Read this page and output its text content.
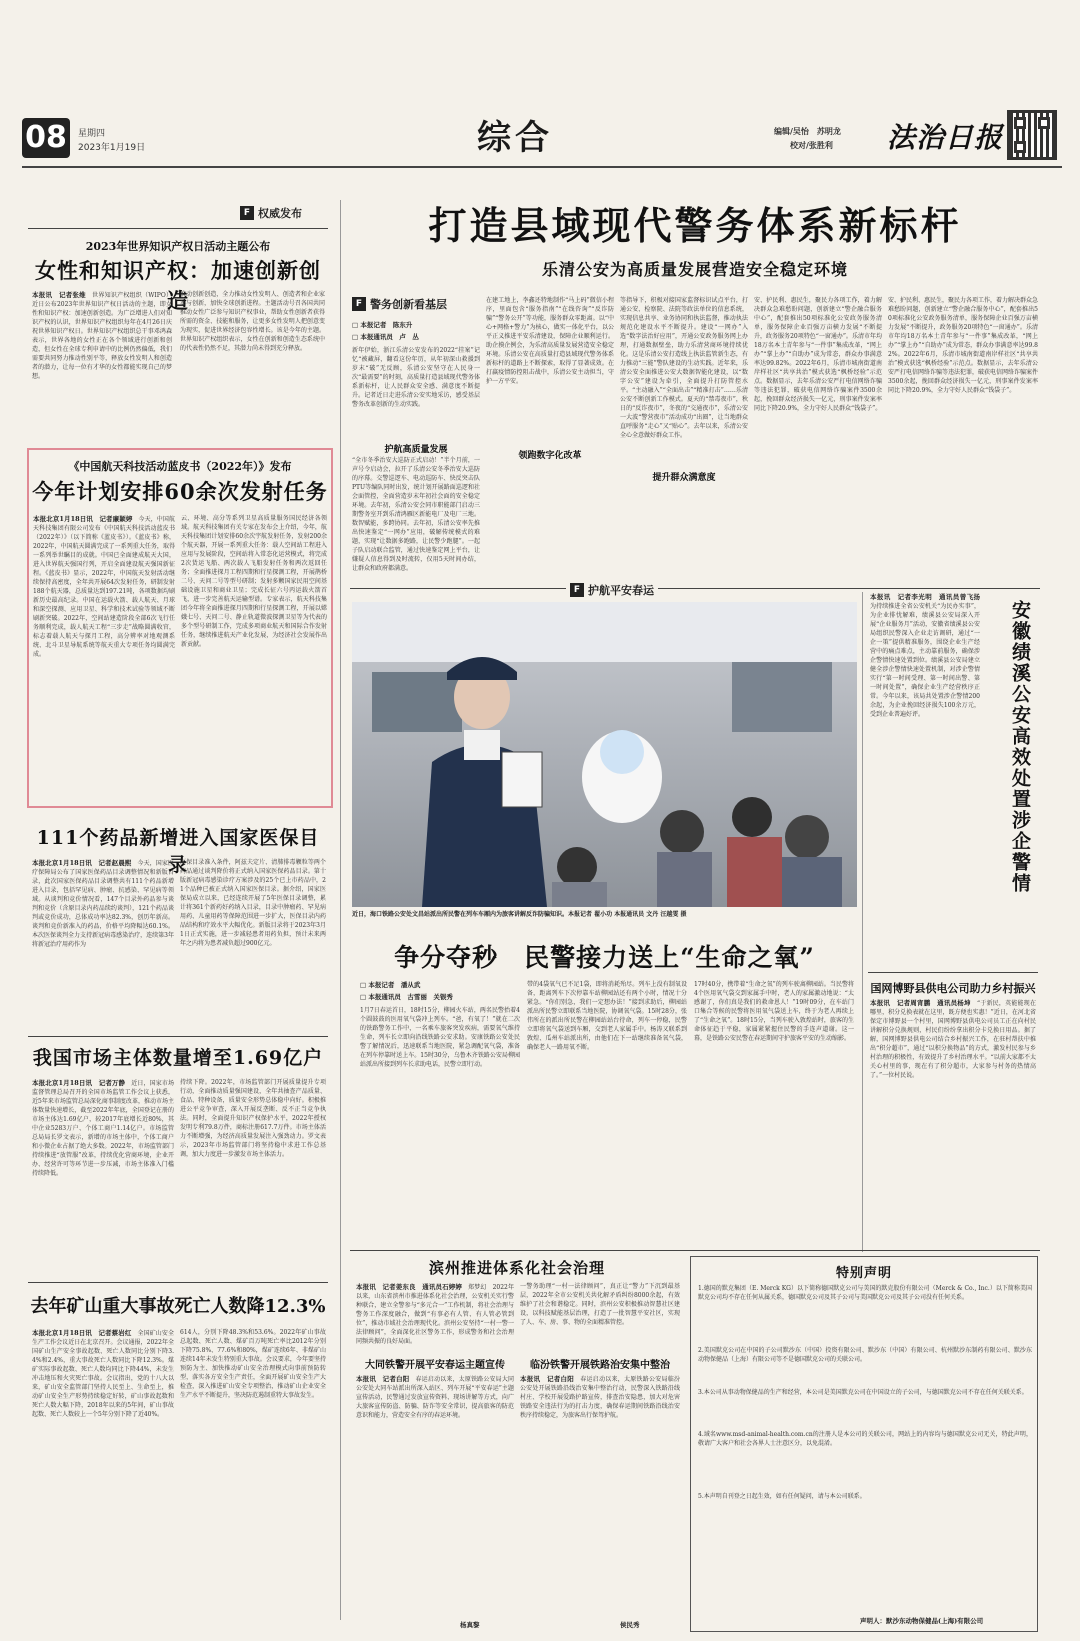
08	星期四
2023年1月19日	综合	编辑/吴怡　苏明龙
校对/张胜利 法治日报
F 权威发布
2023年世界知识产权日活动主题公布
女性和知识产权：加速创新创造
本报讯　记者张维　 世界知识产权组织（WIPO）近日公布2023年世界知识产权日活动的主题，即女性和知识产权：加速创新创造。为广泛增进人们对知识产权的认识，世界知识产权组织每年在4月26日庆祝世界知识产权日。世界知识产权组织总干事邓鸿森表示，世界各地的女性正在各个领域进行创新和创造，但女性在全球专利申请中的比例仍然偏低，我们需要共同努力推动性别平等，释放女性发明人和创造者的潜力，让每一位有才华的女性都能实现自己的梦想。
推动创新创造，全力推动女性发明人、创造者和企业家参与创新，加快全球创新进程。主题活动号召各国共同推动女性广泛参与知识产权事业，帮助女性创新者获得所需的资金、技能和服务，让更多女性发明人把创意变为现实，促进世界经济包容性增长。该是今年的主题。世界知识产权组织表示，女性在创新和创造生态系统中的代表性仍然不足，其潜力尚未得到充分释放。
《中国航天科技活动蓝皮书（2022年）》发布
今年计划安排60余次发射任务
本报北京1月18日讯　记者廉颖婷　 今天，中国航天科技集团有限公司发布《中国航天科技活动蓝皮书（2022年）》（以下简称《蓝皮书》）。《蓝皮书》称，2022年，中国航天圆满完成了一系列重大任务，取得一系列举世瞩目的成就。中国已全面建成航天大国，进入世界航天强国行列，开启全面建设航天强国新征程。《蓝皮书》显示，2022年，中国航天发射活动继续保持高密度，全年共开展64次发射任务，研制发射188个航天器，总质量达到197.21吨，各项数据均刷新历史最高纪录。中国在运载火箭、载人航天、月球和深空探测、应用卫星、科学和技术试验等领域不断刷新突破。2022年，空间站建造阶段全部6次飞行任务顺利完成，载人航天工程“三步走”战略圆满收官，标志着载人航天与探月工程，高分辨率对地观测系统、北斗卫星导航系统等航天重大专项任务均圆满完成。
云、环境、高分等系列卫星高质量服务国民经济各领域。航天科技集团有关专家在发布会上介绍，今年，航天科技集团计划安排60余次宇航发射任务，发射200余个航天器，开展一系列重大任务：载人空间站工程进入应用与发展阶段，空间站将入常态化运营模式，将完成2次货运飞船、两次载人飞船发射任务和两次返回任务；全面推进探月工程四期和行星探测工程，开展鹊桥二号、天问二号等型号研制；发射多颗国家民用空间基础设施卫星和商业卫星；完成长征六号丙运载火箭首飞，进一步完善航天运输型谱。专家表示，航天科技集团今年将全面推进探月四期和行星探测工程，开展以嫦娥七号、天问二号、静止轨道微波探测卫星等为代表的多个型号研制工作，完成多项商业航天和国际合作发射任务，继续推进航天产业化发展，为经济社会发展作出新贡献。
111个药品新增进入国家医保目录
本报北京1月18日讯　记者赵晨熙　 今天，国家医疗保障局公布了国家医保药品目录调整情况和新版目录，此次国家医保药品目录调整共有111个药品新增进入目录，包括罕见病、肿瘤、抗感染、罕见病等领域。从谈判和竞价情况看，147个目录外药品参与谈判和竞价（含原目录内药品续约谈判），121个药品谈判或竞价成功，总体成功率达82.3%，创历年新高。谈判和竞价新准入的药品，价格平均降幅达60.1%。本次医保谈判全力支持新冠病毒感染治疗，连续第3年将新冠治疗用药作为
医保目录准入条件，阿兹夫定片、清肺排毒颗粒等两个药品通过谈判降价将正式纳入国家医保药品目录。第十版新冠病毒感染诊疗方案涉及的25个已上市药品中，21个品种已被正式纳入国家医保目录。据介绍，国家医保局成立以来，已经连续开展了5年医保目录调整，累计将361个新药好药纳入目录，目录中肿瘤药、罕见病用药、儿童用药等保障范围进一步扩大，医保目录内药品结构和疗效水平大幅优化。新版目录将于2023年3月1日正式实施，进一步减轻患者用药负担，预计未来两年之内将为患者减负超过900亿元。
我国市场主体数量增至1.69亿户
本报北京1月18日讯　记者万静　 近日，国家市场监督管理总局召开的全国市场监管工作会议上获悉，近5年来市场监管总局深化商事制度改革，推动市场主体数量快速增长，截至2022年年底，全国登记在册的市场主体达1.69亿户，较2017年底增长近80%，其中企业5283万户、个体工商户1.14亿户。市场监管总局局长罗文表示，新增的市场主体中，个体工商户和小微企业占据了绝大多数。2022年，市场监管部门持续推进“放管服”改革，持续优化营商环境，企业开办、经营许可等环节进一步压减，市场主体准入门槛持续降低。
持续下降。2022年，市场监管部门开展质量提升专项行动，全面推动质量强国建设，全年共抽查产品质量、食品、特种设备，质量安全形势总体稳中向好。积极推进公平竞争审查，深入开展反垄断、反不正当竞争执法。同时，全面提升知识产权保护水平，2022年授权发明专利79.8万件，商标注册617.7万件。市场主体活力不断增强，为经济高质量发展注入强劲动力。罗文表示，2023年市场监管部门将坚持稳中求进工作总基调，加大力度进一步激发市场主体活力。
去年矿山重大事故死亡人数降12.3%
本报北京1月18日讯　记者蔡岩红　 全国矿山安全生产工作会议近日在北京召开。会议通报，2022年全国矿山生产安全事故起数、死亡人数同比分别下降3.4%和2.4%，重大事故死亡人数同比下降12.3%。煤矿实际事故起数、死亡人数均同比下降44%，未发生冲击地压和火灾死亡事故。会议指出，党的十八大以来，矿山安全监管部门坚持人民至上、生命至上，推动矿山安全生产形势持续稳定好转，矿山事故起数和死亡人数大幅下降，2018年以来的5年间，矿山事故起数、死亡人数较上一个5年分别下降了近40%。
614人，分别下降48.3%和53.6%。2022年矿山事故总起数、死亡人数、煤矿百万吨死亡率比2012年分别下降75.8%、77.6%和80%，煤矿连续6年、非煤矿山连续14年未发生特别重大事故。会议要求，今年要坚持预防为主、加快推动矿山安全治理模式向事前预防转型，落实各方安全生产责任，全面开展矿山安全生产大检查，深入推进矿山安全专项整治，推动矿山企业安全生产水平不断提升，坚决防范遏制重特大事故发生。
打造县域现代警务体系新标杆
乐清公安为高质量发展营造安全稳定环境
F 警务创新看基层
□ 本报记者　陈东升
□ 本报通讯员　卢　丛
新年伊始，浙江乐清公安发布的2022“挂案”记忆“被藏屏，翻看这份年历，从年初深山救援到岁末“破”无反顾，乐清公安坚守在人民身一次“最需要”的时刻，高质量打造县域现代警务体系新标杆，让人民群众安全感、满意度不断提升。记者近日走进乐清公安实地采访，感受基层警务改革创新的生动实践。
护航高质量发展
“全市冬季治安大巡防正式启动！”半个月前，一声号令启动会，拉开了乐清公安冬季治安大巡防的序幕。交警巡逻车、电动巡防车、快反突击队PTU等编队同时出发，统计划开展路面巡逻和社会面管控，全面营造岁末年初社会面的安全稳定环境。去年初，乐清公安会同市职能部门启动三期警务室开到乐清鸿雁区新能电厂及电厂三地。数智赋能，多跨协同。去年初，乐清公安率先推出快速鉴定“一网办”应用，破解传统模式的难题，实现“让数据多跑路，让民警少跑腿”。一起子队启动联合监管，通过快速鉴定网上平台，让嫌疑人信息得到及时流转，仅用5天时间办结，让群众和政府都满意。
在建工地上，李鑫还特地制作“马上码”微信小程序，里面包含“服务指南”“在线咨询”“反诈防骗”“警务公开”等功能，服务群众零距离。以“中心+网格+警力”为核心，做实一体化平台，以公平正义推进平安乐清建设，保障企业顺利运行。助企摸企例会，为乐清高质量发展营造安全稳定环境。乐清公安在高质量打造县域现代警务体系新标杆的道路上不断探索，取得了显著成效。在打赢疫情防控阻击战中，乐清公安主动担当，守护一方平安。
领跑数字化改革
等指导下，积极对接国家监督标识试点平台，打通公安、检察院、法院等政法单位的信息系统，实现信息共享、业务协同和执法监督，推动执法规范化建设水平不断提升。建设“一网办”入选“数字法治好应用”，开通公安政务服务网上办理，打通数据壁垒，助力乐清营商环境持续优化。这是乐清公安打造线上执法监管新生态，有力推动“三能”警队建设的生动实践。近年来，乐清公安全面推进公安大数据智能化建设，以“数字公安”建设为牵引，全面提升打防管控水平。“主动融入”“全面出击”“精准打击”……乐清公安不断创新工作模式。夏天的“禁毒夜市”，秋日的“反诈夜市”，冬夜的“交通夜市”，乐清公安一大波“警营夜市”活动成功“出圈”，让当地群众直呼服务“走心”又“贴心”。去年以来，乐清公安全心全意做好群众工作。
提升群众满意度
安、护民利、惠民生，聚民力各项工作，着力解决群众急难愁盼问题，创新建立“警企融合服务中心”，配套推出50项标准化公安政务服务清单，服务保障企业百强万亩横力发展“不断提升，政务服务20项特色“一窗通办”。乐清市年均18万名本土青年参与“一件事”集成改革，“网上办”“掌上办”“自助办”成为常态，群众办事满意率达99.82%。2022年6月，乐清市城南街道南岸样社区“共享共治”模式获选“枫桥经验”示范点。数据显示，去年乐清公安严打电信网络诈骗等违法犯罪，破获电信网络诈骗案件3500余起，挽回群众经济损失一亿元，刑事案件发案率同比下降20.9%，全力守好人民群众“钱袋子”。
安、护民利、惠民生，聚民力各项工作，着力解决群众急难愁盼问题，创新建立“警企融合服务中心”，配套推出50项标准化公安政务服务清单，服务保障企业百强万亩横力发展“不断提升，政务服务20项特色“一窗通办”。乐清市年均18万名本土青年参与“一件事”集成改革，“网上办”“掌上办”“自助办”成为常态，群众办事满意率达99.82%。2022年6月，乐清市城南街道南岸样社区“共享共治”模式获选“枫桥经验”示范点。数据显示，去年乐清公安严打电信网络诈骗等违法犯罪，破获电信网络诈骗案件3500余起，挽回群众经济损失一亿元，刑事案件发案率同比下降20.9%，全力守好人民群众“钱袋子”。
F 护航平安春运
近日，海口铁路公安处文昌站派出所民警在列车车厢内为旅客讲解反诈防骗知识。本报记者 翟小功 本报通讯员 文丹 汪越雯 摄
争分夺秒　民警接力送上“生命之氧”
□ 本报记者　潘从武
□ 本报通讯员　古雪丽　关银秀
1月7日春运首日，18时15分，柳园火车站，两名民警抬着4个圆鼓鼓的医用氧气袋冲上列车。“爸，有氧了！”就在二次的铁路警务工作中，一名乘车旅客突发疾病，需要氧气维持生命，列车长立即向沿线铁路公安求助。安康铁路公安处民警了解情况后，迅速联系当地医院，紧急调配氧气袋，准备在列车停靠时送上车。15时30分，乌鲁木齐铁路公安局柳园站派出所接到列车长求助电话，民警立即行动。
带的4袋氧气已不足1袋，即将消耗殆尽。列车上没有制氧设备，距离列车下次停靠车站柳园站还有两个小时，情况十分紧急。“你们别急，我们一定想办法！”接到求助后，柳园站派出所民警立即联系当地医院，协调氧气袋。15时28分，张伟所在的派出所民警在柳园站站台待命，列车一停稳，民警立即将氧气袋送到车厢，交到老人家属手中。杨涛又联系到敦煌、瓜州车站派出所，由他们在下一站继续准备氧气袋，确保老人一路用氧不断。
17时40分，携带着“生命之氧”的列车驶离柳园站。当民警将4个医用氧气袋交到家属手中时，老人的家属激动地说：“太感谢了，你们真是我们的救命恩人！”19时09分，在车站门口集合等候的民警将医用氧气袋送上车，终于为老人再续上了“生命之氧”。18时15分，当列车驶入敦煌站时，旅客的生命体征趋于平稳，家属紧紧握住民警的手连声道谢。这一幕，是铁路公安民警在春运期间守护旅客平安的生动缩影。
本报讯　记者李光明　通讯员曾飞扬　为持续推进全省公安机关“为民办实事”，为企业排忧解难，绩溪县公安局深入开展“企业服务月”活动，安徽省绩溪县公安局组织民警深入企业走访调研，通过“一企一策”提供精准服务，围绕企业生产经营中的痛点难点，主动靠前服务，确保涉企警情快速处置到位。绩溪县公安局建立健全涉企警情快速处置机制，对涉企警情实行“第一时间受理、第一时间出警、第一时间处置”，确保企业生产经营秩序正常。今年以来，该局共处置涉企警情200余起，为企业挽回经济损失100余万元，受到企业普遍好评。	安徽绩溪公安高效处置涉企警情
国网博野县供电公司助力乡村振兴
本报讯　记者周宵鹏　通讯员杨坤　 “于新民，英能能现在哪里，积分兑换表就在这里，既方便也实惠！”近日，在河北省保定市博野县一个村里，国网博野县供电公司员工正在向村民讲解积分兑换规则，村民们纷纷拿出积分卡兑换日用品。据了解，国网博野县供电公司结合乡村振兴工作，在驻村帮扶中推出“积分超市”，通过“以积分换物品”的方式，激发村民参与乡村治理的积极性，有效提升了乡村治理水平。“以前大家都不太关心村里的事，现在有了积分超市，大家参与村务的热情高了。”一位村民说。
滨州推进体系化社会治理
本报讯　记者姜东良　通讯员石婷婷　 郑梦幻　2022年以来，山东省滨州市推进体系化社会治理，公安机关实行警种联合，建立全警参与“多元合一”工作机制，将社会治理与警务工作深度融合，做到“有事必有人管、有人管必管到位”，推动市域社会治理现代化。滨州公安坚持“一村一警一法律顾问”，全面深化社区警务工作，形成警务和社会治理同频共振的良好局面。
一警务助理“一村一法律顾问”，真正让“警力”下沉到最基层，2022年全市公安机关共化解矛盾纠纷8000余起，有效维护了社会和谐稳定。同时，滨州公安积极推动智慧社区建设，以科技赋能基层治理，打造了一批智慧平安社区，实现了人、车、房、事、物的全面精准管控。
大同铁警开展平安春运主题宣传
本报讯　记者白阳　 春运启动以来，太原铁路公安局大同公安处大同车站派出所深入站区、列车开展“平安春运”主题宣传活动，民警通过发放宣传资料、现场讲解等方式，向广大旅客宣传防盗、防骗、防诈等安全常识，提高旅客的防范意识和能力，营造安全有序的春运环境。
杨真黎
临汾铁警开展铁路治安集中整治
本报讯　记者白阳　 春运启动以来，太原铁路公安局临汾公安处开展铁路沿线治安集中整治行动，民警深入铁路沿线村庄、学校开展爱路护路宣传，排查治安隐患，加大对危害铁路安全违法行为的打击力度，确保春运期间铁路沿线治安秩序持续稳定，为旅客出行保驾护航。
侯民秀
特别声明
1.德国的默克集团（E. Merck KG）以下简称德国默克公司与美国的默克股份有限公司（Merck & Co., Inc.）以下简称美国默克公司均不存在任何从属关系，德国默克公司及其子公司与美国默克公司及其子公司没有任何关系。
2.美国默克公司在中国的子公司默沙东（中国）投资有限公司、默沙东（中国）有限公司、杭州默沙东制药有限公司、默沙东动物保健品（上海）有限公司等不是德国默克公司的关联公司。
3.本公司从事动物保健品的生产和经营，本公司是美国默克公司在中国设立的子公司，与德国默克公司不存在任何关联关系。
4.域名www.msd-animal-health.com.cn的注册人是本公司的关联公司，网站上的内容均与德国默克公司无关，特此声明，敬请广大客户和社会各界人士注意区分，以免混淆。
5.本声明自刊登之日起生效，如有任何疑问，请与本公司联系。
声明人：默沙东动物保健品(上海)有限公司
